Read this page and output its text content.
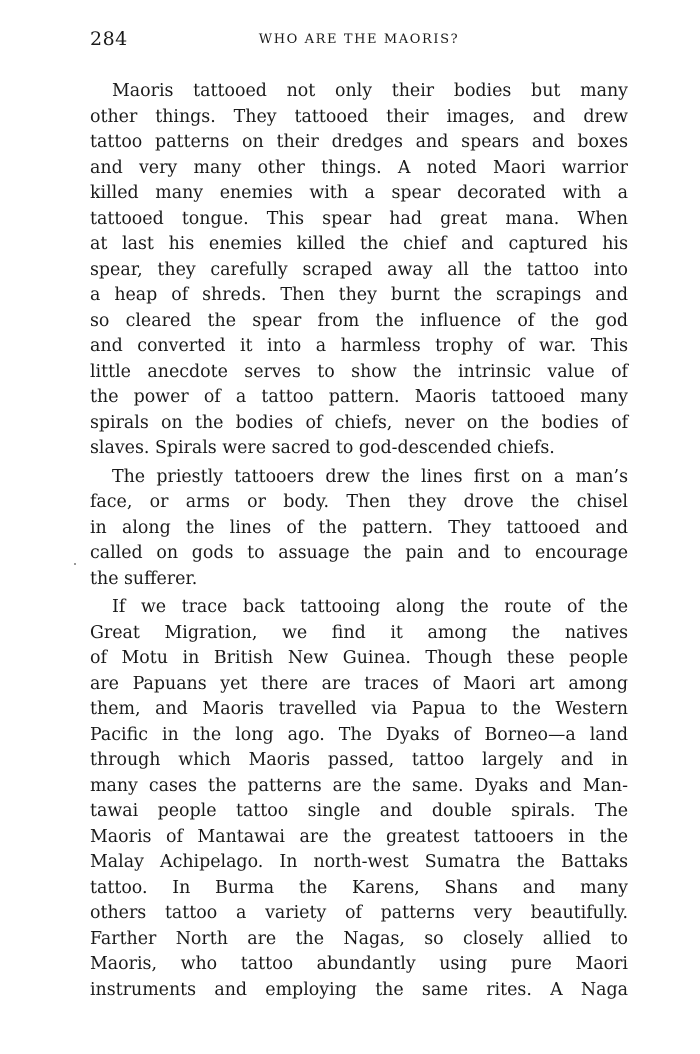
284	WHO ARE THE MAORIS?
Maoris tattooed not only their bodies but many
other things. They tattooed their images, and drew
tattoo patterns on their dredges and spears and boxes
and very many other things. A noted Maori warrior
killed many enemies with a spear decorated with a
tattooed tongue. This spear had great mana. When
at last his enemies killed the chief and captured his
spear, they carefully scraped away all the tattoo into
a heap of shreds. Then they burnt the scrapings and
so cleared the spear from the influence of the god
and converted it into a harmless trophy of war. This
little anecdote serves to show the intrinsic value of
the power of a tattoo pattern. Maoris tattooed many
spirals on the bodies of chiefs, never on the bodies of
slaves. Spirals were sacred to god-descended chiefs.
The priestly tattooers drew the lines first on a man’s
face, or arms or body. Then they drove the chisel
in along the lines of the pattern. They tattooed and
called on gods to assuage the pain and to encourage
the sufferer.
If we trace back tattooing along the route of the
Great Migration, we find it among the natives
of Motu in British New Guinea. Though these people
are Papuans yet there are traces of Maori art among
them, and Maoris travelled via Papua to the Western
Pacific in the long ago. The Dyaks of Borneo—a land
through which Maoris passed, tattoo largely and in
many cases the patterns are the same. Dyaks and Man-
tawai people tattoo single and double spirals. The
Maoris of Mantawai are the greatest tattooers in the
Malay Achipelago. In north-west Sumatra the Battaks
tattoo. In Burma the Karens, Shans and many
others tattoo a variety of patterns very beautifully.
Farther North are the Nagas, so closely allied to
Maoris, who tattoo abundantly using pure Maori
instruments and employing the same rites. A Naga
